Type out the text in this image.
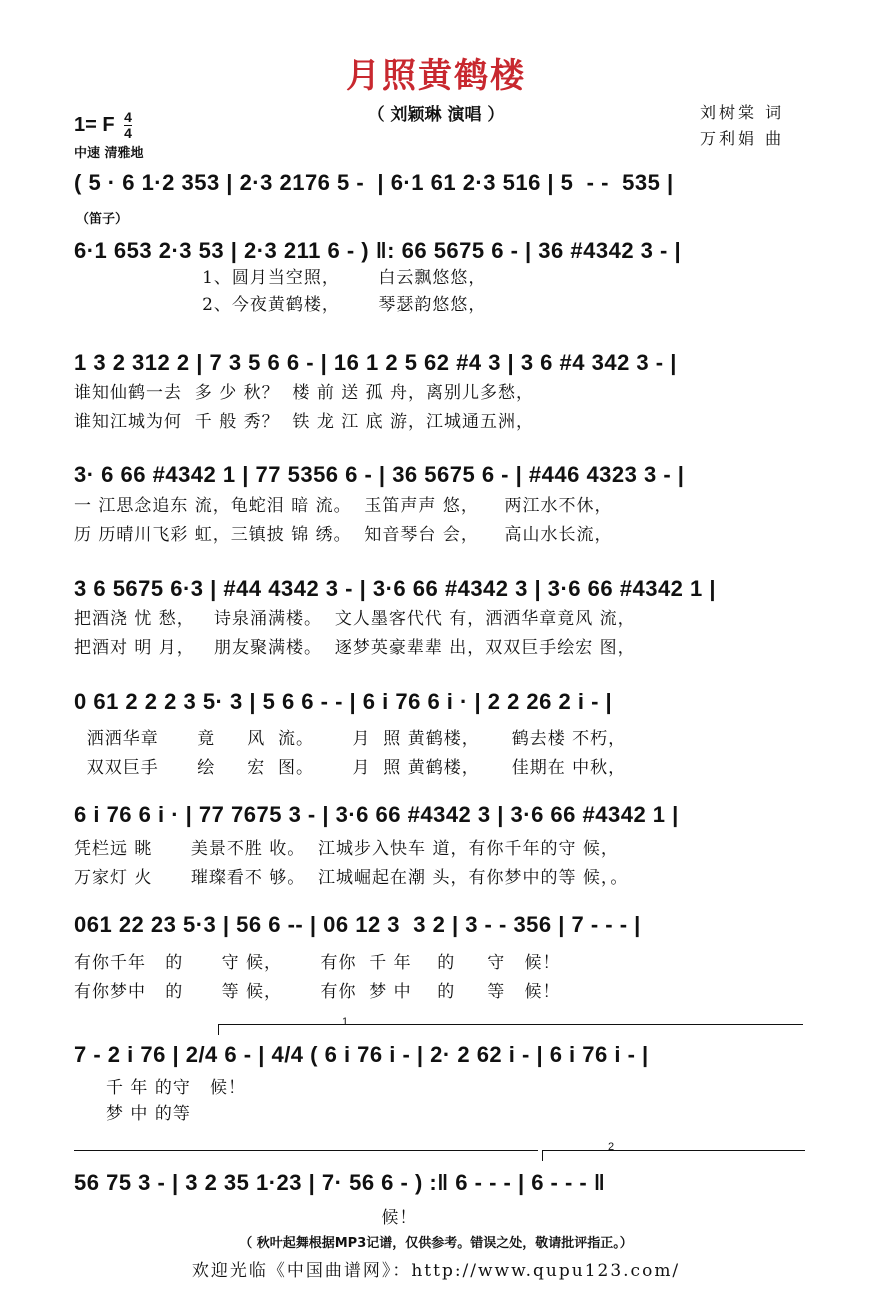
月照黄鹤楼
（ 刘颖琳 演唱 ）
1= F $\frac{4}{4}$
中速 清雅地
刘树棠 词
万利娟 曲
（笛子）
( 5 · 6 1·2 353 | 2·3 2176 5 -  | 6·1 61 2·3 516 | 5  - -  535 |
6·1 653 2·3 53 | 2·3 211 6 - ) ‖: 66 5675 6 - | 36 #4342 3 - |
1、圆月当空照，      白云飘悠悠，
2、今夜黄鹤楼，      琴瑟韵悠悠，
1 3 2 312 2 | 7 3 5 6 6 - | 16 1 2 5 62 #4 3 | 3 6 #4 342 3 - |
谁知仙鹤一去  多 少 秋？  楼 前 送 孤 舟，离别儿多愁，
谁知江城为何  千 般 秀？  铁 龙 江 底 游，江城通五洲，
3· 6 66 #4342 1 | 77 5356 6 - | 36 5675 6 - | #446 4323 3 - |
一 江思念追东 流，龟蛇泪 暗 流。  玉笛声声 悠，    两江水不休，
历 历晴川飞彩 虹，三镇披 锦 绣。  知音琴台 会，    高山水长流，
3 6 5675 6·3 | #44 4342 3 - | 3·6 66 #4342 3 | 3·6 66 #4342 1 |
把酒浇 忧 愁，   诗泉涌满楼。  文人墨客代代 有，洒洒华章竟风 流，
把酒对 明 月，   朋友聚满楼。  逐梦英豪辈辈 出，双双巨手绘宏 图，
0 61 2 2 2 3 5· 3 | 5 6 6 - - | 6 i 76 6 i · | 2 2 26 2 i - |
洒洒华章      竟     风  流。      月  照 黄鹤楼，     鹤去楼 不朽，
双双巨手      绘     宏  图。      月  照 黄鹤楼，     佳期在 中秋，
6 i 76 6 i · | 77 7675 3 - | 3·6 66 #4342 3 | 3·6 66 #4342 1 |
凭栏远 眺      美景不胜 收。  江城步入快车 道，有你千年的守 候，
万家灯 火      璀璨看不 够。  江城崛起在潮 头，有你梦中的等 候，。
061 22 23 5·3 | 56 6 -- | 06 12 3  3 2 | 3 - - 356 | 7 - - - |
有你千年   的      守 候，      有你  千 年    的     守   候！
有你梦中   的      等 候，      有你  梦 中    的     等   候！
1
7 - 2 i 76 | 2/4 6 - | 4/4 ( 6 i 76 i - | 2· 2 62 i - | 6 i 76 i - |
千 年 的守   候！
梦 中 的等
2
56 75 3 - | 3 2 35 1·23 | 7· 56 6 - ) :‖ 6 - - - | 6 - - - ‖
候！
（ 秋叶起舞根据MP3记谱，仅供参考。错误之处，敬请批评指正。）
欢迎光临《中国曲谱网》：http://www.qupu123.com/
